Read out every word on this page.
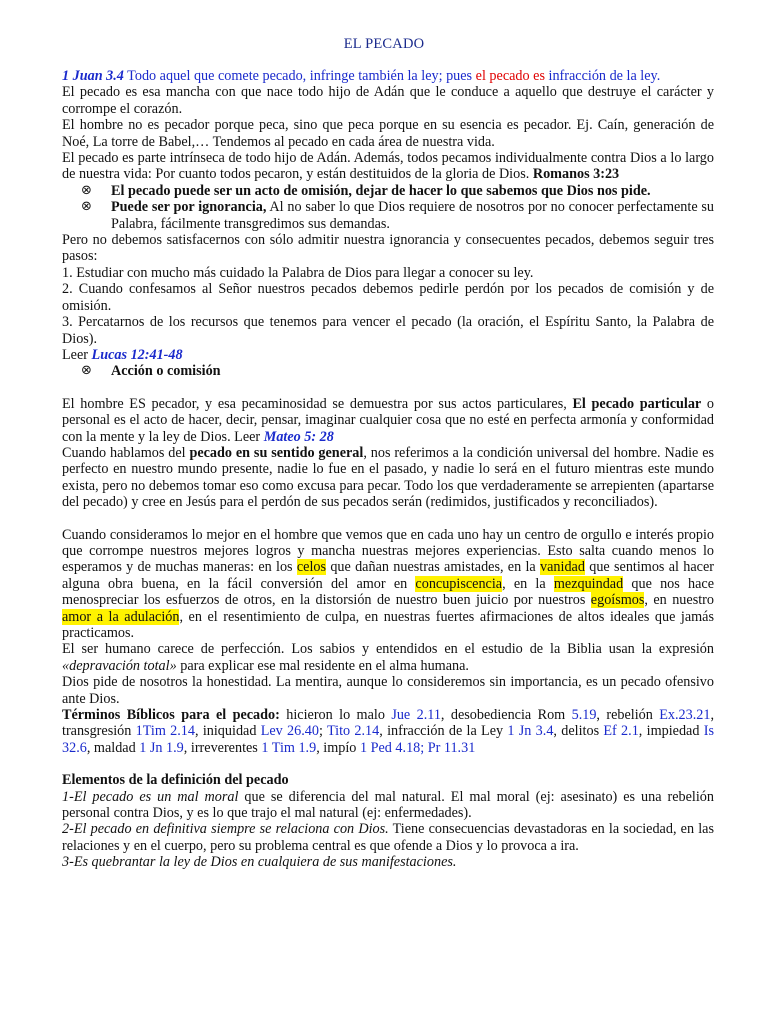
EL PECADO

1 Juan 3.4 Todo aquel que comete pecado, infringe también la ley; pues el pecado es infracción de la ley.

El pecado es esa mancha con que nace todo hijo de Adán que le conduce a aquello que destruye el carácter y corrompe el corazón.

El hombre no es pecador porque peca, sino que peca porque en su esencia es pecador. Ej. Caín, generación de Noé, La torre de Babel,… Tendemos al pecado en cada área de nuestra vida.

El pecado es parte intrínseca de todo hijo de Adán. Además, todos pecamos individualmente contra Dios a lo largo de nuestra vida: Por cuanto todos pecaron, y están destituidos de la gloria de Dios. Romanos 3:23

⊗ El pecado puede ser un acto de omisión, dejar de hacer lo que sabemos que Dios nos pide.

⊗ Puede ser por ignorancia, Al no saber lo que Dios requiere de nosotros por no conocer perfectamente su Palabra, fácilmente transgredimos sus demandas.

Pero no debemos satisfacernos con sólo admitir nuestra ignorancia y consecuentes pecados, debemos seguir tres pasos:

1. Estudiar con mucho más cuidado la Palabra de Dios para llegar a conocer su ley.

2. Cuando confesamos al Señor nuestros pecados debemos pedirle perdón por los pecados de comisión y de omisión.

3. Percatarnos de los recursos que tenemos para vencer el pecado (la oración, el Espíritu Santo, la Palabra de Dios).

Leer Lucas 12:41-48

⊗ Acción o comisión

El hombre ES pecador, y esa pecaminosidad se demuestra por sus actos particulares, El pecado particular o personal es el acto de hacer, decir, pensar, imaginar cualquier cosa que no esté en perfecta armonía y conformidad con la mente y la ley de Dios. Leer Mateo 5: 28

Cuando hablamos del pecado en su sentido general, nos referimos a la condición universal del hombre. Nadie es perfecto en nuestro mundo presente, nadie lo fue en el pasado, y nadie lo será en el futuro mientras este mundo exista, pero no debemos tomar eso como excusa para pecar. Todo los que verdaderamente se arrepienten (apartarse del pecado) y cree en Jesús para el perdón de sus pecados serán (redimidos, justificados y reconciliados).

Cuando consideramos lo mejor en el hombre que vemos que en cada uno hay un centro de orgullo e interés propio que corrompe nuestros mejores logros y mancha nuestras mejores experiencias. Esto salta cuando menos lo esperamos y de muchas maneras: en los celos que dañan nuestras amistades, en la vanidad que sentimos al hacer alguna obra buena, en la fácil conversión del amor en concupiscencia, en la mezquindad que nos hace menospreciar los esfuerzos de otros, en la distorsión de nuestro buen juicio por nuestros egoísmos, en nuestro amor a la adulación, en el resentimiento de culpa, en nuestras fuertes afirmaciones de altos ideales que jamás practicamos.

El ser humano carece de perfección. Los sabios y entendidos en el estudio de la Biblia usan la expresión «depravación total» para explicar ese mal residente en el alma humana.

Dios pide de nosotros la honestidad. La mentira, aunque lo consideremos sin importancia, es un pecado ofensivo ante Dios.

Términos Bíblicos para el pecado: hicieron lo malo Jue 2.11, desobediencia Rom 5.19, rebelión Ex.23.21, transgresión 1Tim 2.14, iniquidad Lev 26.40; Tito 2.14, infracción de la Ley 1 Jn 3.4, delitos Ef 2.1, impiedad Is 32.6, maldad 1 Jn 1.9, irreverentes 1 Tim 1.9, impío 1 Ped 4.18; Pr 11.31

Elementos de la definición del pecado

1-El pecado es un mal moral que se diferencia del mal natural. El mal moral (ej: asesinato) es una rebelión personal contra Dios, y es lo que trajo el mal natural (ej: enfermedades).

2-El pecado en definitiva siempre se relaciona con Dios. Tiene consecuencias devastadoras en la sociedad, en las relaciones y en el cuerpo, pero su problema central es que ofende a Dios y lo provoca a ira.

3-Es quebrantar la ley de Dios en cualquiera de sus manifestaciones.
